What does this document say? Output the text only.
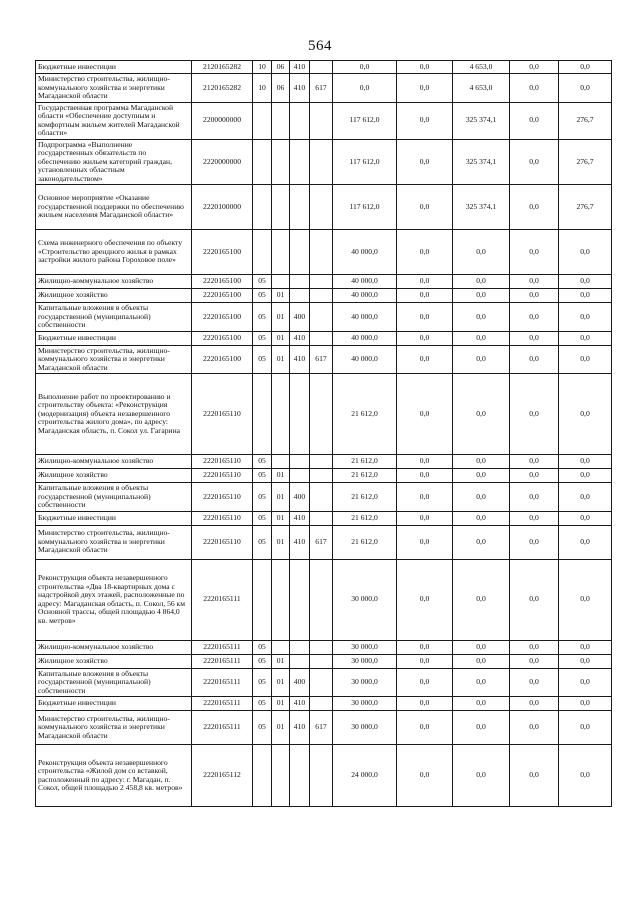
564
Бюджетные инвестиции	2120165282	10	06	410		0,0	0,0	4 653,0	0,0	0,0
Министерство строительства, жилищно-коммунального хозяйства и энергетики Магаданской области	2120165282	10	06	410	617	0,0	0,0	4 653,0	0,0	0,0
Государственная программа Магаданской области «Обеспечение доступным и комфортным жильем жителей Магаданской области»	2200000000					117 612,0	0,0	325 374,1	0,0	276,7
Подпрограмма «Выполнение государственных обязательств по обеспечению жильем категорий граждан, установленных областным законодательством»	2220000000					117 612,0	0,0	325 374,1	0,0	276,7
Основное мероприятие «Оказание государственной поддержки по обеспечению жильем населения Магаданской области»	2220100000					117 612,0	0,0	325 374,1	0,0	276,7
Схема инженерного обеспечения по объекту «Строительство арендного жилья в рамках застройки жилого района Гороховое поле»	2220165100					40 000,0	0,0	0,0	0,0	0,0
Жилищно-коммунальное хозяйство	2220165100	05				40 000,0	0,0	0,0	0,0	0,0
Жилищное хозяйство	2220165100	05	01			40 000,0	0,0	0,0	0,0	0,0
Капитальные вложения в объекты государственной (муниципальной) собственности	2220165100	05	01	400		40 000,0	0,0	0,0	0,0	0,0
Бюджетные инвестиции	2220165100	05	01	410		40 000,0	0,0	0,0	0,0	0,0
Министерство строительства, жилищно-коммунального хозяйства и энергетики Магаданской области	2220165100	05	01	410	617	40 000,0	0,0	0,0	0,0	0,0
Выполнение работ по проектированию и строительству объекта: «Реконструкция (модернизация) объекта незавершенного строительства жилого дома», по адресу: Магаданская область, п. Сокол ул. Гагарина	2220165110					21 612,0	0,0	0,0	0,0	0,0
Жилищно-коммунальное хозяйство	2220165110	05				21 612,0	0,0	0,0	0,0	0,0
Жилищное хозяйство	2220165110	05	01			21 612,0	0,0	0,0	0,0	0,0
Капитальные вложения в объекты государственной (муниципальной) собственности	2220165110	05	01	400		21 612,0	0,0	0,0	0,0	0,0
Бюджетные инвестиции	2220165110	05	01	410		21 612,0	0,0	0,0	0,0	0,0
Министерство строительства, жилищно-коммунального хозяйства и энергетики Магаданской области	2220165110	05	01	410	617	21 612,0	0,0	0,0	0,0	0,0
Реконструкция объекта незавершенного строительства «Два 18-квартирных дома с надстройкой двух этажей, расположенные по адресу: Магаданская область, п. Сокол, 56 км Основной трассы, общей площадью 4 864,0 кв. метров»	2220165111					30 000,0	0,0	0,0	0,0	0,0
Жилищно-коммунальное хозяйство	2220165111	05				30 000,0	0,0	0,0	0,0	0,0
Жилищное хозяйство	2220165111	05	01			30 000,0	0,0	0,0	0,0	0,0
Капитальные вложения в объекты государственной (муниципальной) собственности	2220165111	05	01	400		30 000,0	0,0	0,0	0,0	0,0
Бюджетные инвестиции	2220165111	05	01	410		30 000,0	0,0	0,0	0,0	0,0
Министерство строительства, жилищно-коммунального хозяйства и энергетики Магаданской области	2220165111	05	01	410	617	30 000,0	0,0	0,0	0,0	0,0
Реконструкция объекта незавершенного строительства «Жилой дом со вставкой, расположенный по адресу: г. Магадан, п. Сокол, общей площадью 2 458,8 кв. метров»	2220165112					24 000,0	0,0	0,0	0,0	0,0
